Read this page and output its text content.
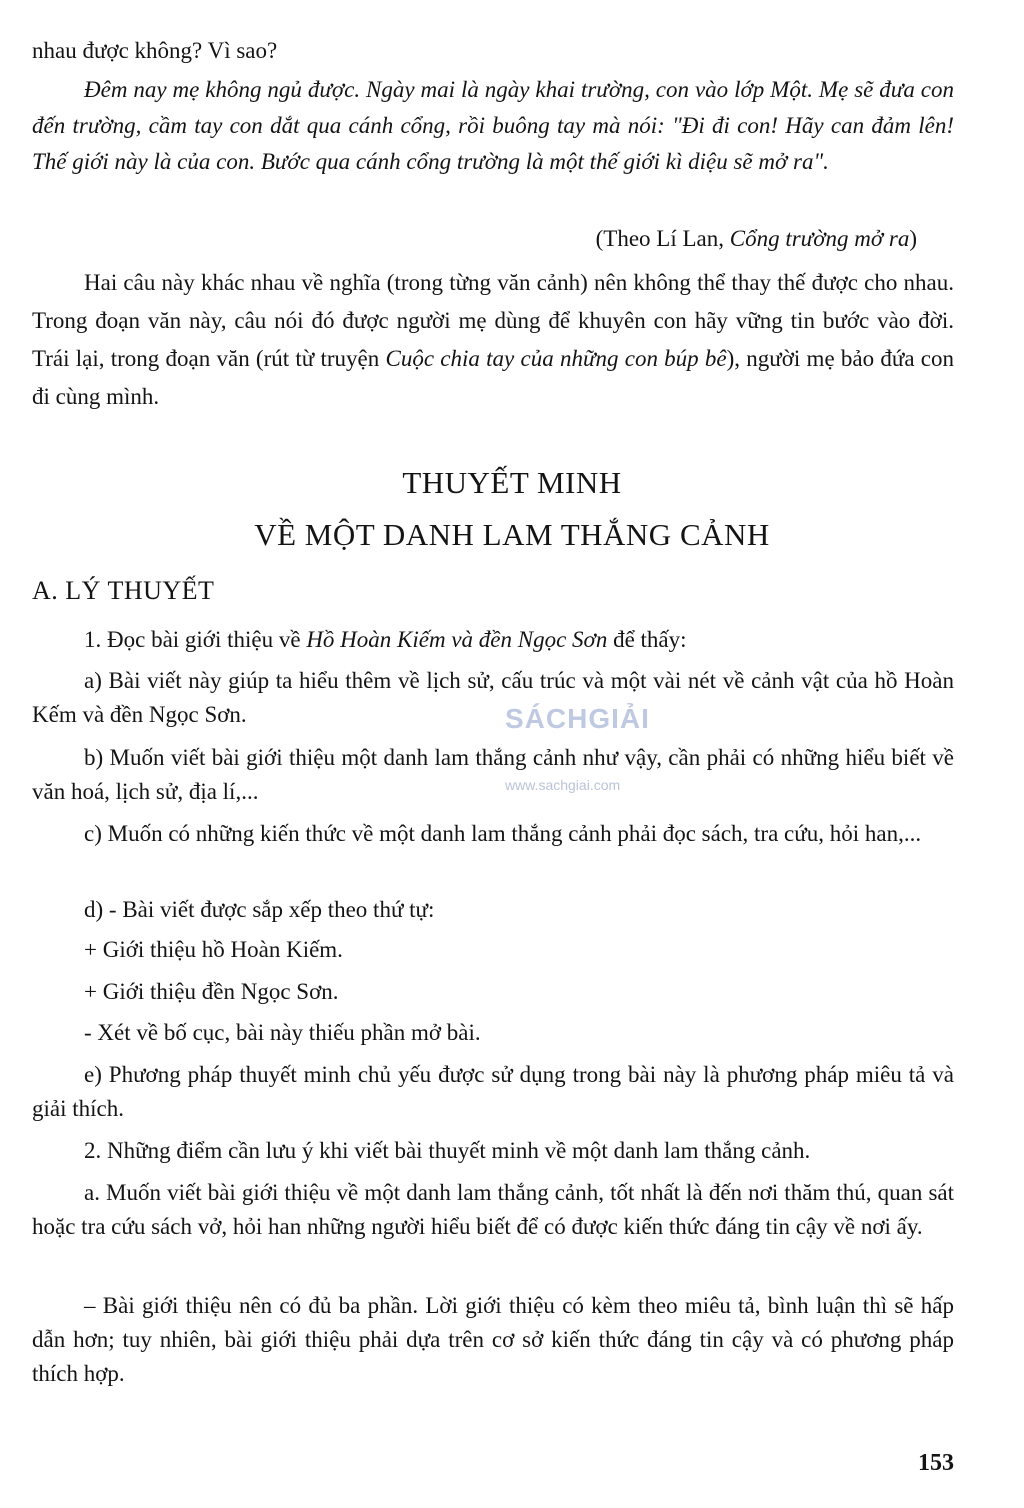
nhau được không? Vì sao?
Đêm nay mẹ không ngủ được. Ngày mai là ngày khai trường, con vào lớp Một. Mẹ sẽ đưa con đến trường, cầm tay con dắt qua cánh cổng, rồi buông tay mà nói: "Đi đi con! Hãy can đảm lên! Thế giới này là của con. Bước qua cánh cổng trường là một thế giới kì diệu sẽ mở ra".
(Theo Lí Lan, Cổng trường mở ra)
Hai câu này khác nhau về nghĩa (trong từng văn cảnh) nên không thể thay thế được cho nhau. Trong đoạn văn này, câu nói đó được người mẹ dùng để khuyên con hãy vững tin bước vào đời. Trái lại, trong đoạn văn (rút từ truyện Cuộc chia tay của những con búp bê), người mẹ bảo đứa con đi cùng mình.
THUYẾT MINH
VỀ MỘT DANH LAM THẮNG CẢNH
A. LÝ THUYẾT
1. Đọc bài giới thiệu về Hồ Hoàn Kiếm và đền Ngọc Sơn để thấy:
a) Bài viết này giúp ta hiểu thêm về lịch sử, cấu trúc và một vài nét về cảnh vật của hồ Hoàn Kếm và đền Ngọc Sơn.
b) Muốn viết bài giới thiệu một danh lam thắng cảnh như vậy, cần phải có những hiểu biết về văn hoá, lịch sử, địa lí,...
c) Muốn có những kiến thức về một danh lam thắng cảnh phải đọc sách, tra cứu, hỏi han,...
d) - Bài viết được sắp xếp theo thứ tự:
+ Giới thiệu hồ Hoàn Kiếm.
+ Giới thiệu đền Ngọc Sơn.
- Xét về bố cục, bài này thiếu phần mở bài.
e) Phương pháp thuyết minh chủ yếu được sử dụng trong bài này là phương pháp miêu tả và giải thích.
2. Những điểm cần lưu ý khi viết bài thuyết minh về một danh lam thắng cảnh.
a. Muốn viết bài giới thiệu về một danh lam thắng cảnh, tốt nhất là đến nơi thăm thú, quan sát hoặc tra cứu sách vở, hỏi han những người hiểu biết để có được kiến thức đáng tin cậy về nơi ấy.
– Bài giới thiệu nên có đủ ba phần. Lời giới thiệu có kèm theo miêu tả, bình luận thì sẽ hấp dẫn hơn; tuy nhiên, bài giới thiệu phải dựa trên cơ sở kiến thức đáng tin cậy và có phương pháp thích hợp.
SÁCHGIẢI
www.sachgiai.com
153
